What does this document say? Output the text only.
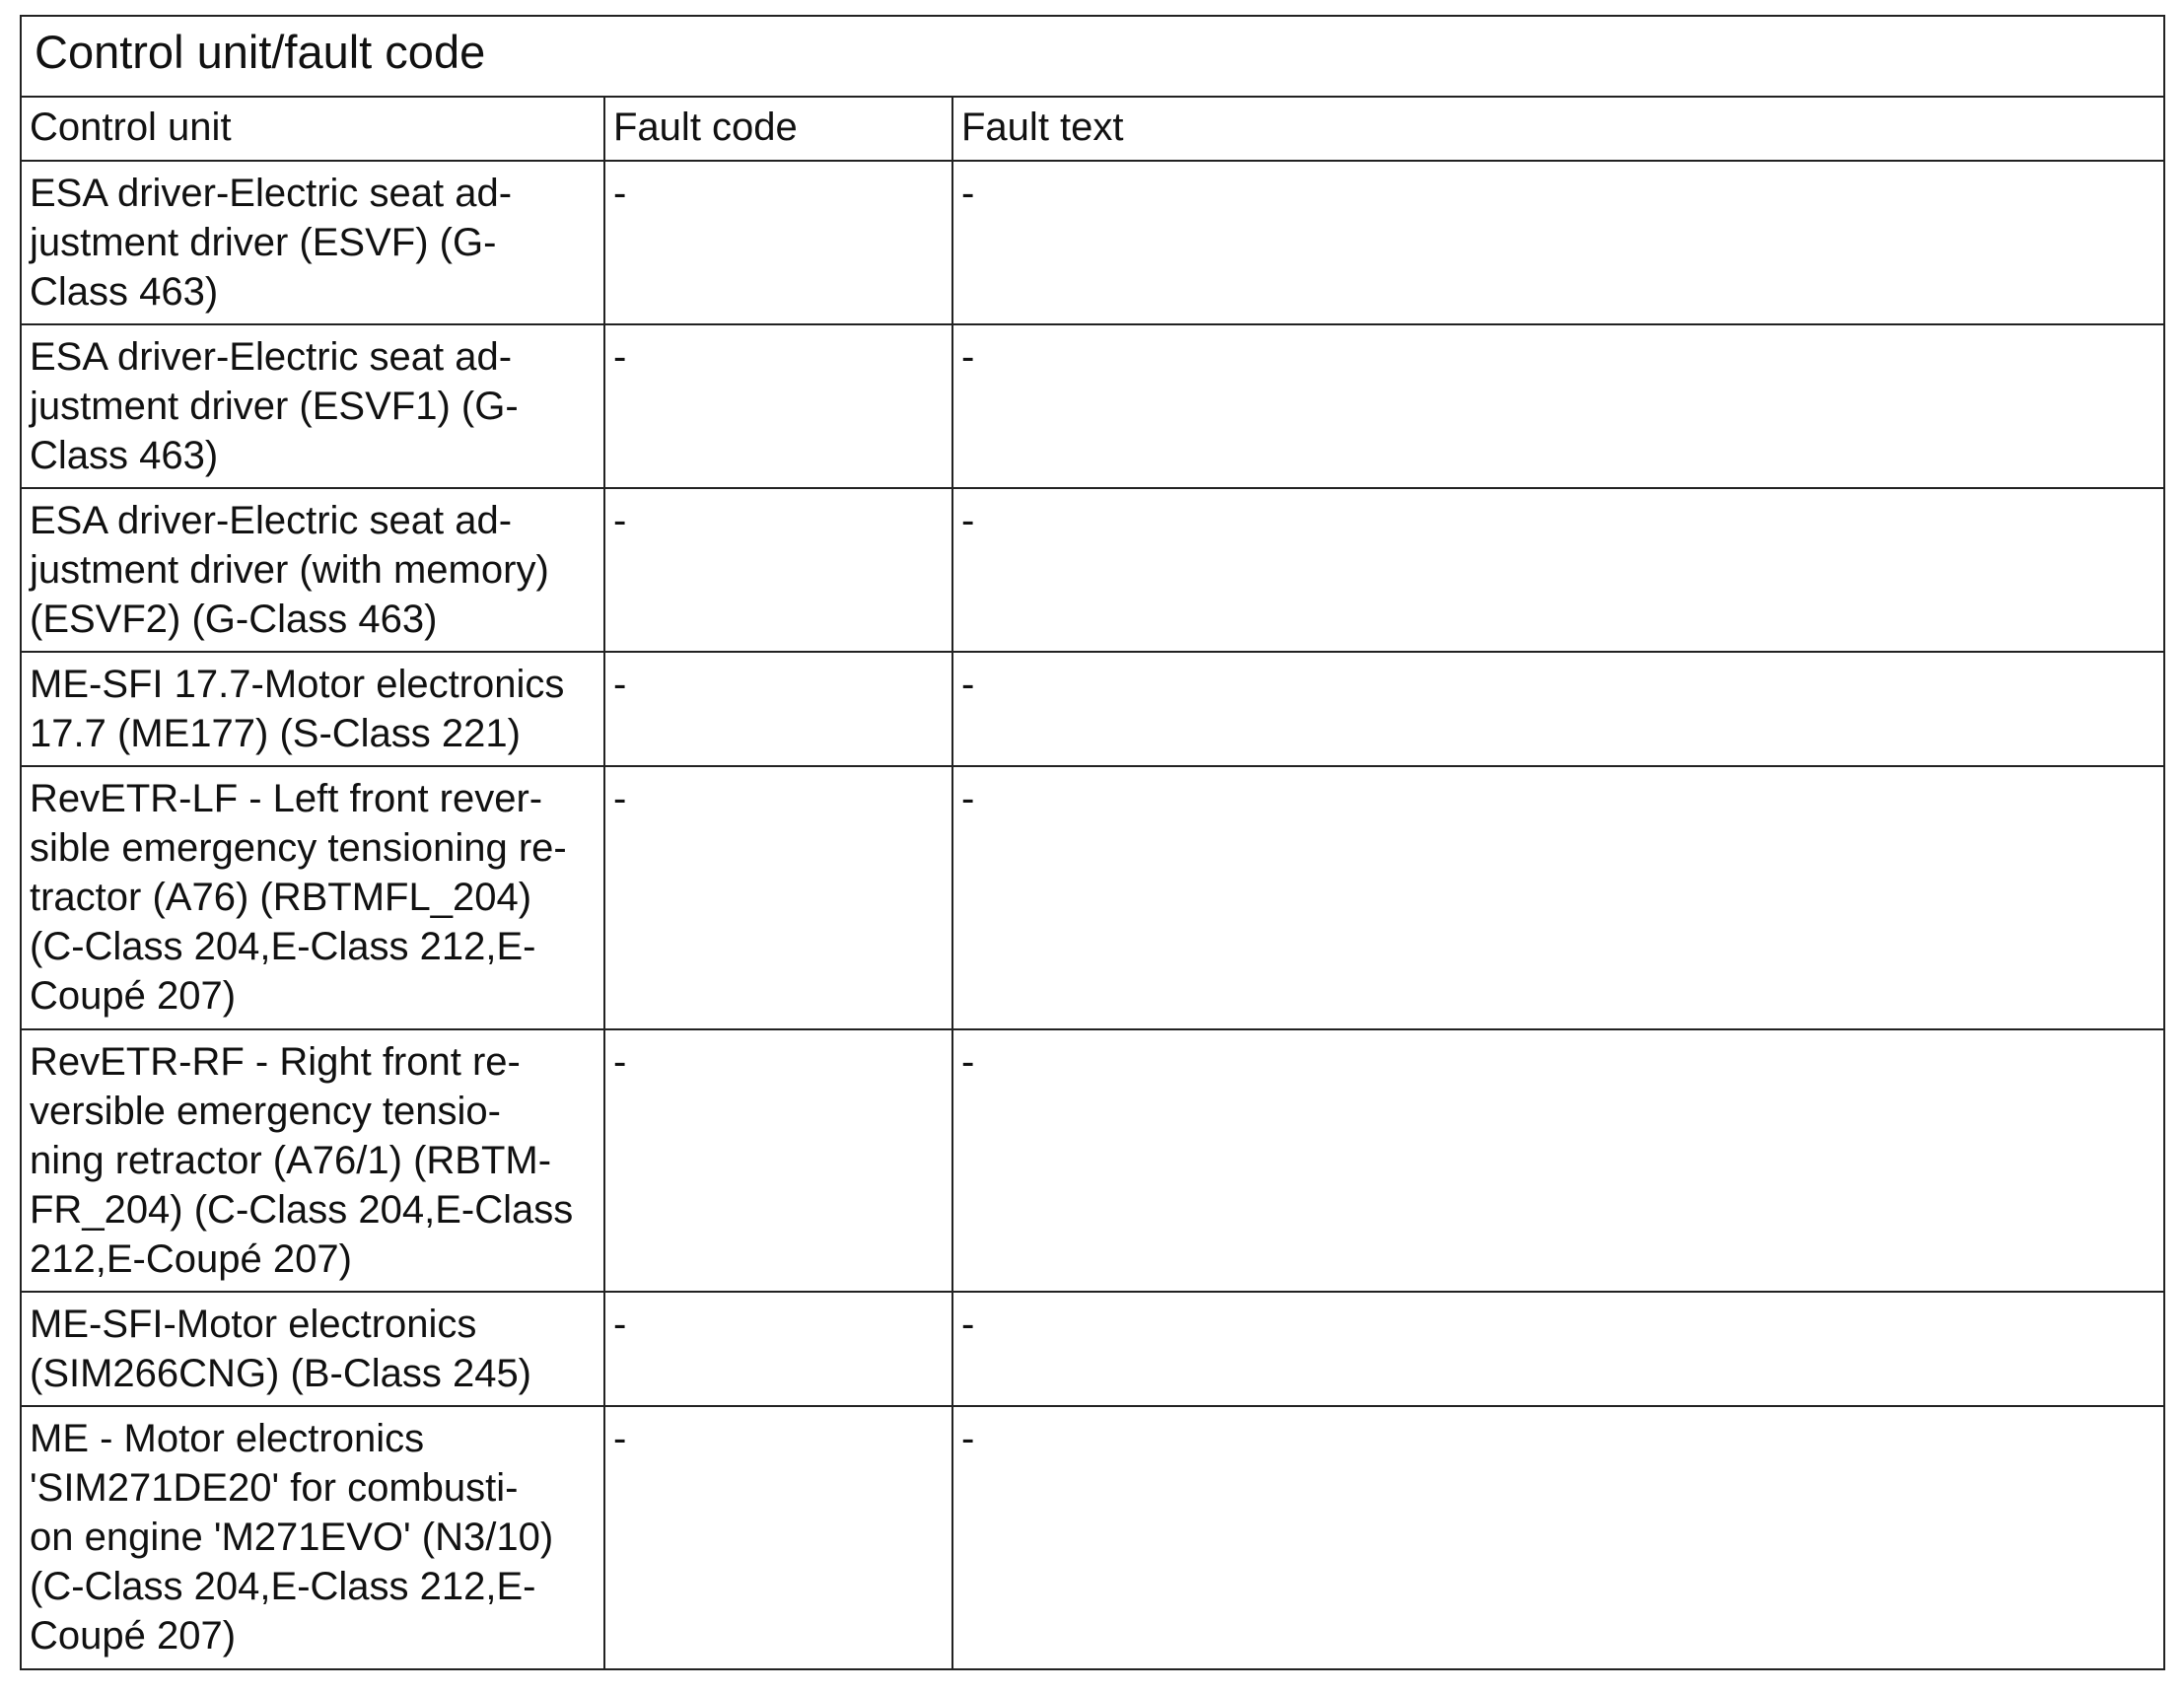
Control unit/fault code		
Control unit	Fault code	Fault text

ESA driver-Electric seat ad-
justment driver (ESVF) (G-
Class 463)	-	-

ESA driver-Electric seat ad-
justment driver (ESVF1) (G-
Class 463)	-	-

ESA driver-Electric seat ad-
justment driver (with memory)
(ESVF2) (G-Class 463)	-	-

ME-SFI 17.7-Motor electronics
17.7 (ME177) (S-Class 221)	-	-

RevETR-LF - Left front rever-
sible emergency tensioning re-
tractor (A76) (RBTMFL_204)
(C-Class 204,E-Class 212,E-
Coupé 207)	-	-

RevETR-RF - Right front re-
versible emergency tensio-
ning retractor (A76/1) (RBTM-
FR_204) (C-Class 204,E-Class
212,E-Coupé 207)	-	-

ME-SFI-Motor electronics
(SIM266CNG) (B-Class 245)	-	-

ME - Motor electronics
'SIM271DE20' for combusti-
on engine 'M271EVO' (N3/10)
(C-Class 204,E-Class 212,E-
Coupé 207)	-	-
